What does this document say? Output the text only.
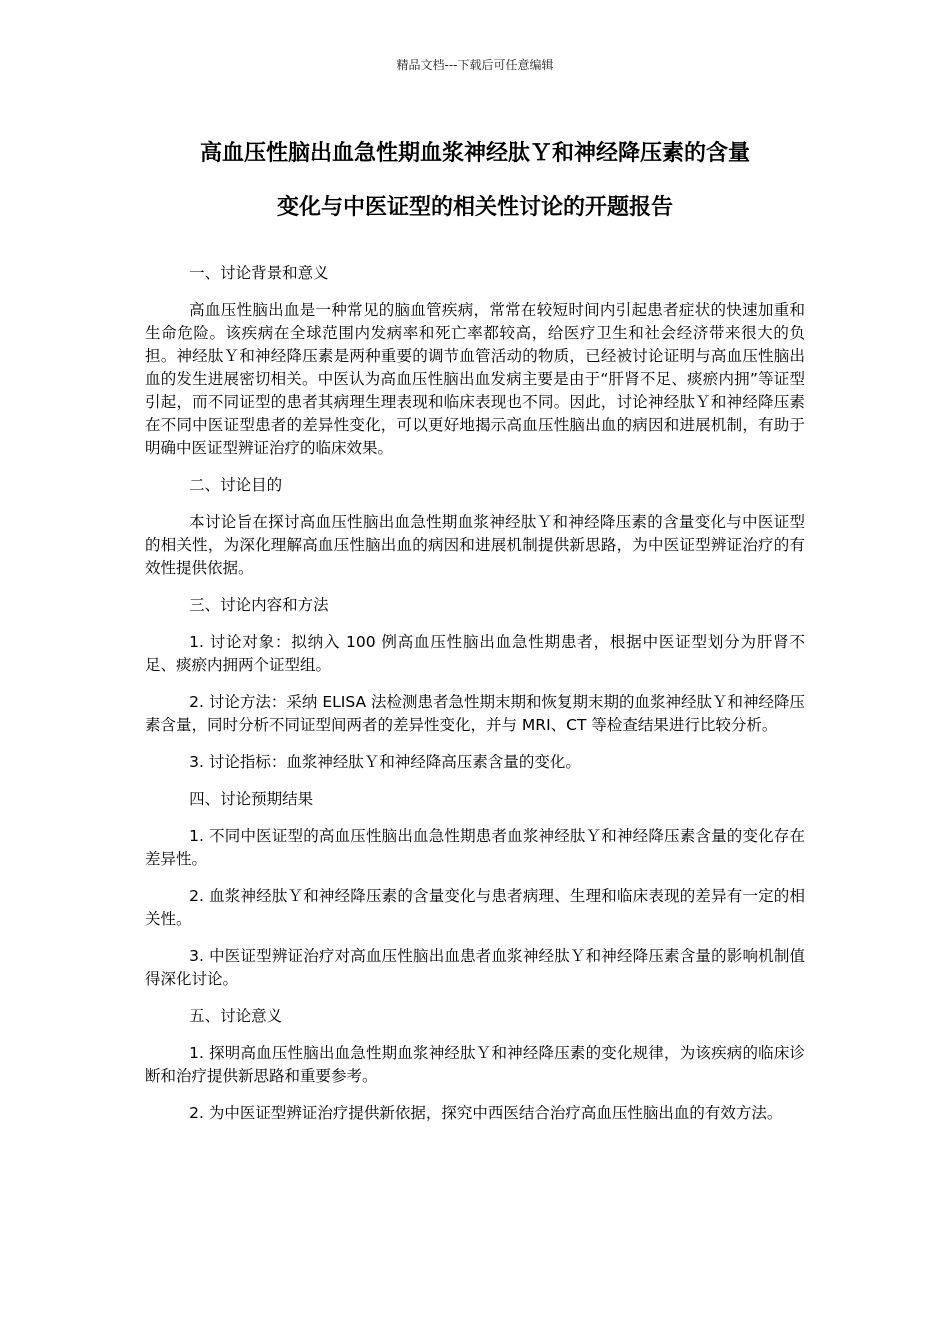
精品文档---下载后可任意编辑
高血压性脑出血急性期血浆神经肽Ｙ和神经降压素的含量
变化与中医证型的相关性讨论的开题报告

一、讨论背景和意义

高血压性脑出血是一种常见的脑血管疾病，常常在较短时间内引起患者症状的快速加重和生命危险。该疾病在全球范围内发病率和死亡率都较高，给医疗卫生和社会经济带来很大的负担。神经肽Ｙ和神经降压素是两种重要的调节血管活动的物质，已经被讨论证明与高血压性脑出血的发生进展密切相关。中医认为高血压性脑出血发病主要是由于“肝肾不足、痰瘀内拥”等证型引起，而不同证型的患者其病理生理表现和临床表现也不同。因此，讨论神经肽Ｙ和神经降压素在不同中医证型患者的差异性变化，可以更好地揭示高血压性脑出血的病因和进展机制，有助于明确中医证型辨证治疗的临床效果。

二、讨论目的

本讨论旨在探讨高血压性脑出血急性期血浆神经肽Ｙ和神经降压素的含量变化与中医证型的相关性，为深化理解高血压性脑出血的病因和进展机制提供新思路，为中医证型辨证治疗的有效性提供依据。

三、讨论内容和方法

1. 讨论对象：拟纳入 100 例高血压性脑出血急性期患者，根据中医证型划分为肝肾不足、痰瘀内拥两个证型组。

2. 讨论方法：采纳 ELISA 法检测患者急性期末期和恢复期末期的血浆神经肽Ｙ和神经降压素含量，同时分析不同证型间两者的差异性变化，并与 MRI、CT 等检查结果进行比较分析。

3. 讨论指标：血浆神经肽Ｙ和神经降高压素含量的变化。

四、讨论预期结果

1. 不同中医证型的高血压性脑出血急性期患者血浆神经肽Ｙ和神经降压素含量的变化存在差异性。

2. 血浆神经肽Ｙ和神经降压素的含量变化与患者病理、生理和临床表现的差异有一定的相关性。

3. 中医证型辨证治疗对高血压性脑出血患者血浆神经肽Ｙ和神经降压素含量的影响机制值得深化讨论。

五、讨论意义

1. 探明高血压性脑出血急性期血浆神经肽Ｙ和神经降压素的变化规律，为该疾病的临床诊断和治疗提供新思路和重要参考。

2. 为中医证型辨证治疗提供新依据，探究中西医结合治疗高血压性脑出血的有效方法。
